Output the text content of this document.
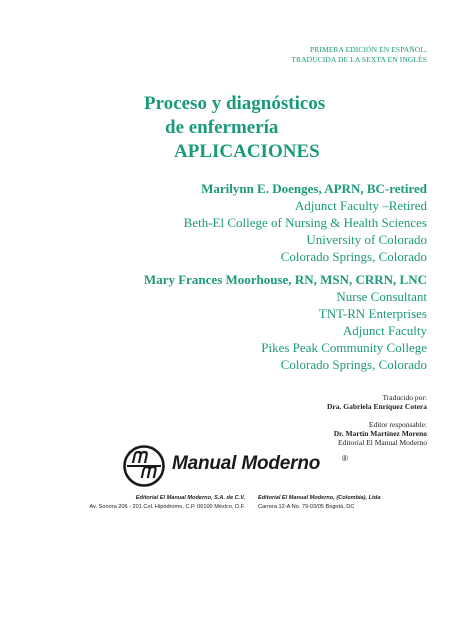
PRIMERA EDICIÓN EN ESPAÑOL,
TRADUCIDA DE LA SEXTA EN INGLÉS
Proceso y diagnósticos
de enfermería
APLICACIONES
Marilynn E. Doenges, APRN, BC-retired
Adjunct Faculty –Retired
Beth-El College of Nursing & Health Sciences
University of Colorado
Colorado Springs, Colorado
Mary Frances Moorhouse, RN, MSN, CRRN, LNC
Nurse Consultant
TNT-RN Enterprises
Adjunct Faculty
Pikes Peak Community College
Colorado Springs, Colorado
Traducido por:
Dra. Gabriela Enríquez Cotera
Editor responsable:
Dr. Martín Martínez Moreno
Editorial El Manual Moderno
Manual Moderno	®
Editorial El Manual Moderno, S.A. de C.V.
Av. Sonora 206 - 201 Col. Hipódromo, C.P. 06100 México, D.F.
Editorial El Manual Moderno, (Colombia), Ltda
Carrera 12-A No. 79-03/05 Bogotá, DC
